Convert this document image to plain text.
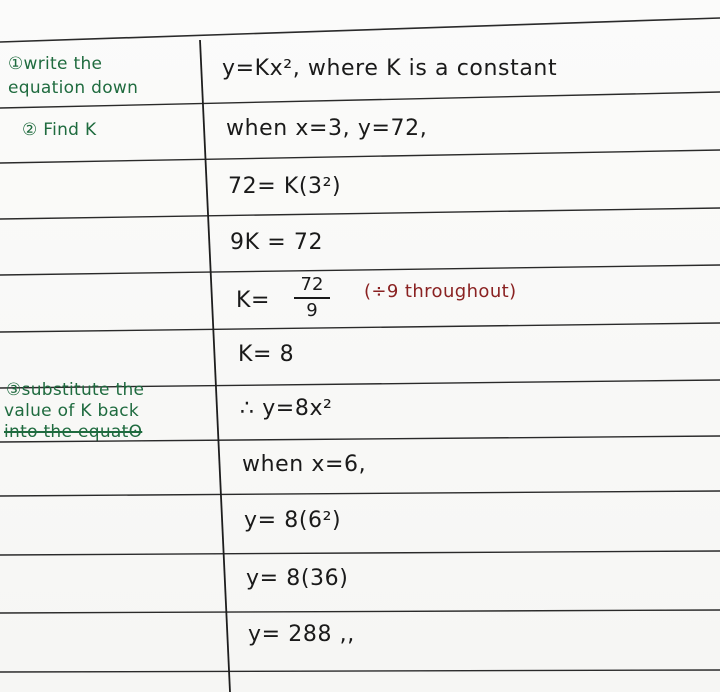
①write the
equation down
② Find K
③substitute the
value of K back
into the equatʘ
y=Kx², where K is a constant
when x=3, y=72,
72= K(3²)
9K = 72
K=
72
9
(÷9 throughout)
K= 8
∴ y=8x²
when x=6,
y= 8(6²)
y= 8(36)
y= 288 ,,
